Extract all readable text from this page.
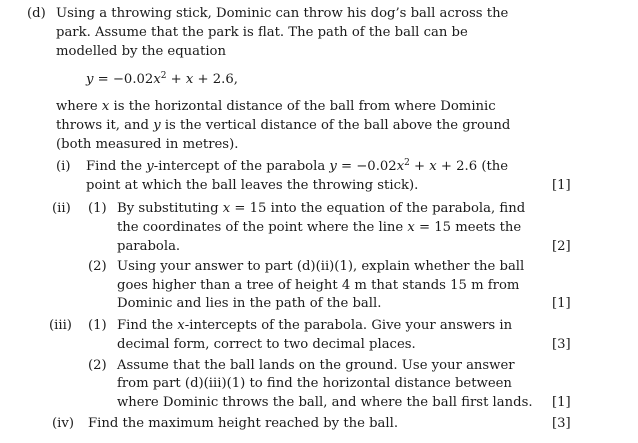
(d) Using a throwing stick, Dominic can throw his dog’s ball across the
park. Assume that the park is flat. The path of the ball can be
modelled by the equation
$y = -0.02x^2 + x + 2.6$,
where x is the horizontal distance of the ball from where Dominic
throws it, and y is the vertical distance of the ball above the ground
(both measured in metres).
(i) Find the y-intercept of the parabola $y = -0.02x^2 + x + 2.6$ (the
point at which the ball leaves the throwing stick).	[1]
(ii) (1) By substituting x = 15 into the equation of the parabola, find
the coordinates of the point where the line x = 15 meets the
parabola.	[2]
(2) Using your answer to part (d)(ii)(1), explain whether the ball
goes higher than a tree of height 4 m that stands 15 m from
Dominic and lies in the path of the ball.	[1]
(iii) (1) Find the x-intercepts of the parabola. Give your answers in
decimal form, correct to two decimal places.	[3]
(2) Assume that the ball lands on the ground. Use your answer
from part (d)(iii)(1) to find the horizontal distance between
where Dominic throws the ball, and where the ball first lands. [1]
(iv) Find the maximum height reached by the ball.	[3]
